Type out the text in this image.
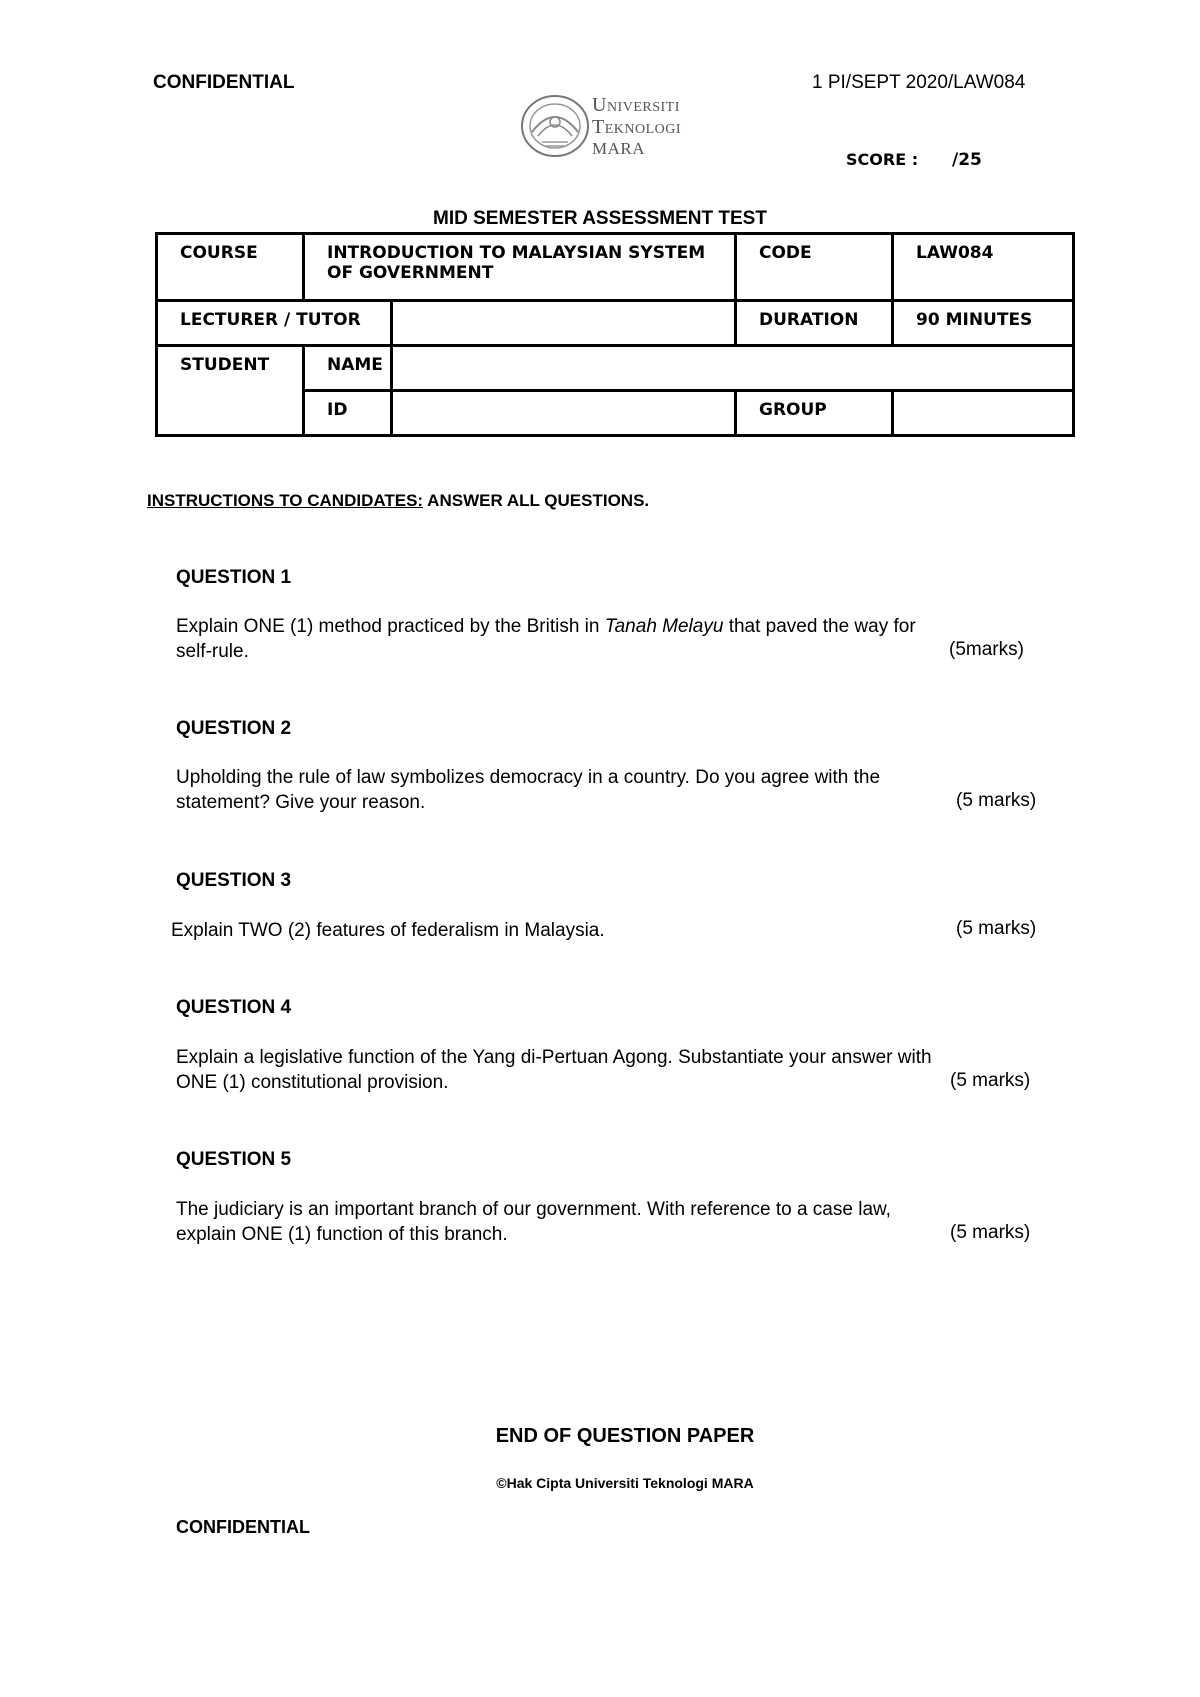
CONFIDENTIAL	1 PI/SEPT 2020/LAW084
Universiti
Teknologi
MARA
SCORE : /25
MID SEMESTER ASSESSMENT TEST
COURSE	INTRODUCTION TO MALAYSIAN SYSTEM OF GOVERNMENT		CODE	LAW084
LECTURER / TUTOR			DURATION	90 MINUTES
STUDENT	NAME			
	ID		GROUP	
INSTRUCTIONS TO CANDIDATES: ANSWER ALL QUESTIONS.
QUESTION 1
Explain ONE (1) method practiced by the British in Tanah Melayu that paved the way for
self-rule.	(5marks)
QUESTION 2
Upholding the rule of law symbolizes democracy in a country. Do you agree with the
statement? Give your reason.	(5 marks)
QUESTION 3
Explain TWO (2) features of federalism in Malaysia.	(5 marks)
QUESTION 4
Explain a legislative function of the Yang di-Pertuan Agong. Substantiate your answer with
ONE (1) constitutional provision.	(5 marks)
QUESTION 5
The judiciary is an important branch of our government. With reference to a case law,
explain ONE (1) function of this branch.	(5 marks)
END OF QUESTION PAPER
©Hak Cipta Universiti Teknologi MARA
CONFIDENTIAL
